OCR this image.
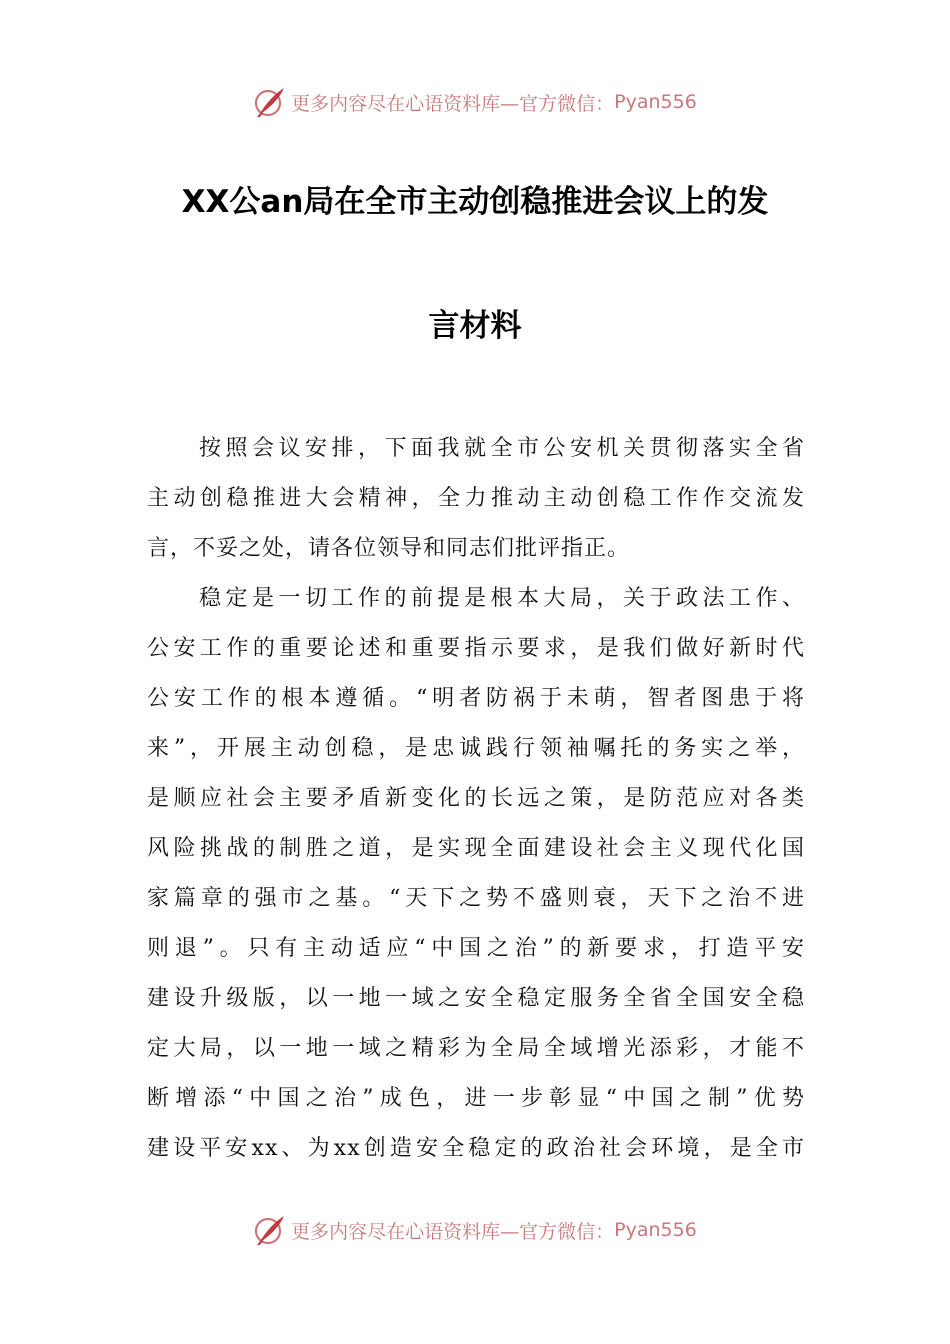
更多内容尽在心语资料库—官方微信： Pyan556
XX公an局在全市主动创稳推进会议上的发
言材料
按照会议安排，下面我就全市公安机关贯彻落实全省
主动创稳推进大会精神，全力推动主动创稳工作作交流发
言，不妥之处，请各位领导和同志们批评指正。
稳定是一切工作的前提是根本大局，关于政法工作、
公安工作的重要论述和重要指示要求，是我们做好新时代
公安工作的根本遵循。“明者防祸于未萌，智者图患于将
来”，开展主动创稳，是忠诚践行领袖嘱托的务实之举，
是顺应社会主要矛盾新变化的长远之策，是防范应对各类
风险挑战的制胜之道，是实现全面建设社会主义现代化国
家篇章的强市之基。“天下之势不盛则衰，天下之治不进
则退”。只有主动适应“中国之治”的新要求，打造平安
建设升级版，以一地一域之安全稳定服务全省全国安全稳
定大局，以一地一域之精彩为全局全域增光添彩，才能不
断增添“中国之治”成色，进一步彰显“中国之制”优势
建设平安xx、为xx创造安全稳定的政治社会环境，是全市
更多内容尽在心语资料库—官方微信： Pyan556
